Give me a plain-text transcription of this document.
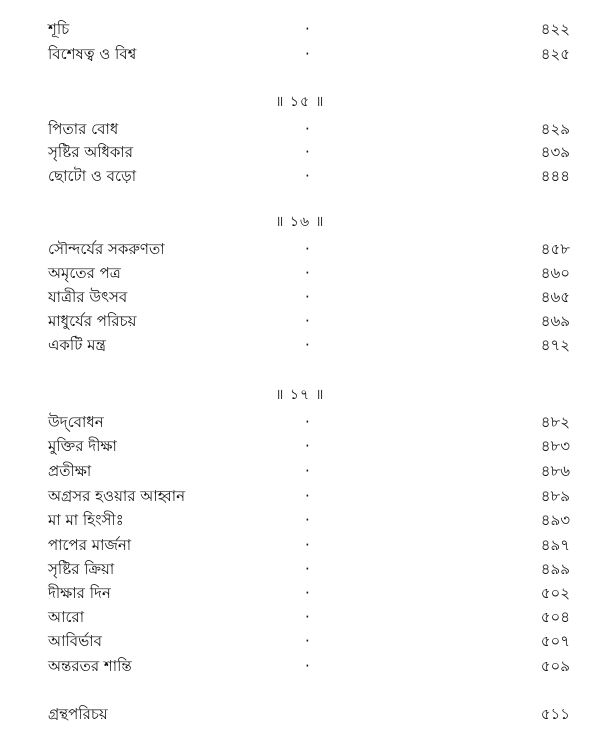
শূচি	·	৪২২
বিশেষত্ব ও বিশ্ব	·	৪২৫
॥ ১৫ ॥
পিতার বোধ	·	৪২৯
সৃষ্টির অধিকার	·	৪৩৯
ছোটো ও বড়ো	·	৪৪৪
॥ ১৬ ॥
সৌন্দর্যের সকরুণতা	·	৪৫৮
অমৃতের পত্র	·	৪৬০
যাত্রীর উৎসব	·	৪৬৫
মাধুর্যের পরিচয়	·	৪৬৯
একটি মন্ত্র	·	৪৭২
॥ ১৭ ॥
উদ্‌বোধন	·	৪৮২
মুক্তির দীক্ষা	·	৪৮৩
প্রতীক্ষা	·	৪৮৬
অগ্রসর হওয়ার আহ্বান	·	৪৮৯
মা মা হিংসীঃ	·	৪৯৩
পাপের মার্জনা	·	৪৯৭
সৃষ্টির ক্রিয়া	·	৪৯৯
দীক্ষার দিন	·	৫০২
আরো	·	৫০৪
আবির্ভাব	·	৫০৭
অন্তরতর শান্তি	·	৫০৯
গ্রন্থপরিচয়	৫১১
